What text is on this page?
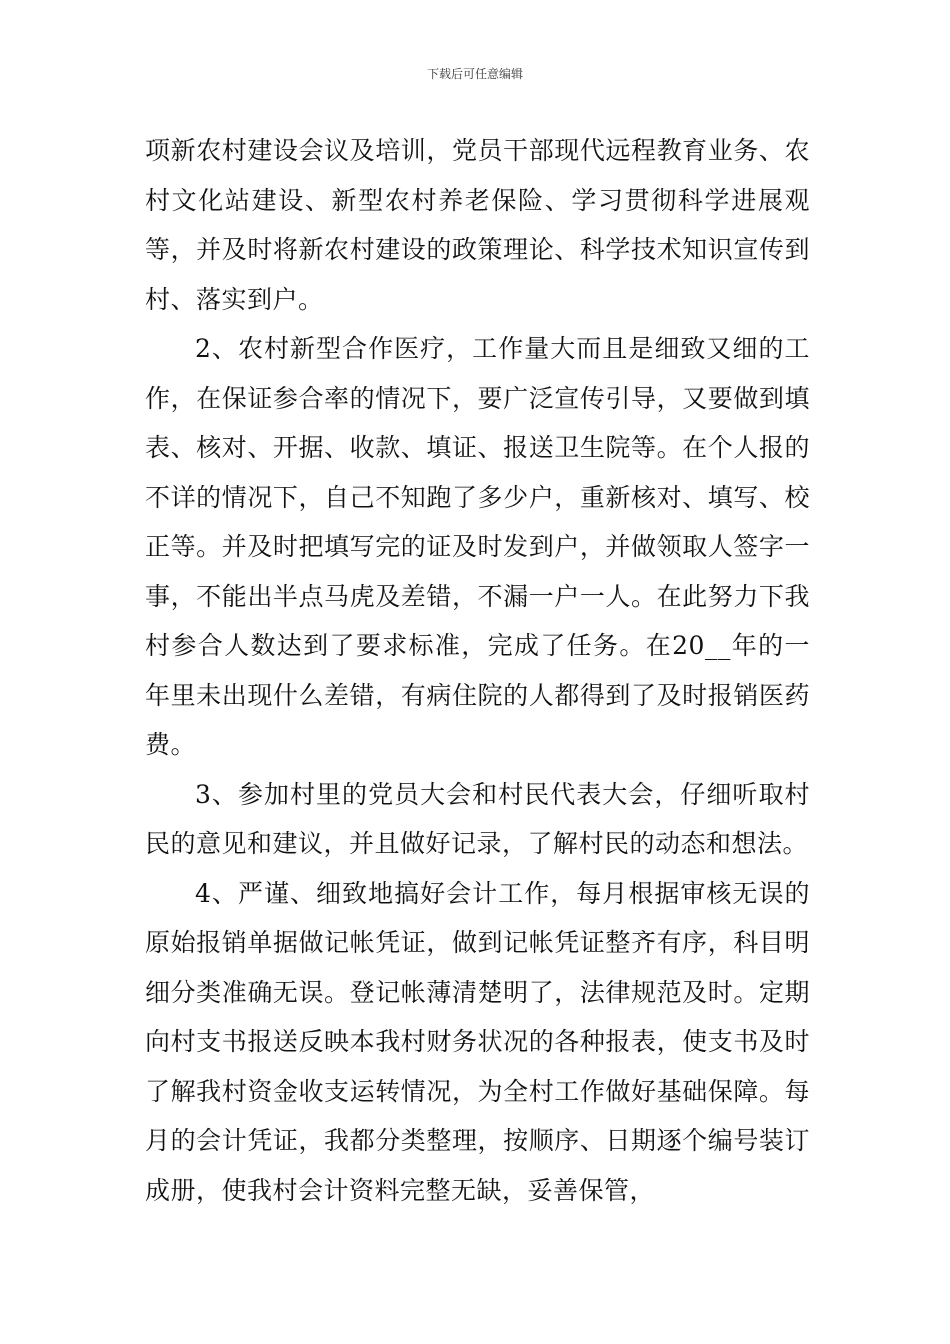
下载后可任意编辑

项新农村建设会议及培训，党员干部现代远程教育业务、农村文化站建设、新型农村养老保险、学习贯彻科学进展观等，并及时将新农村建设的政策理论、科学技术知识宣传到村、落实到户。

2、农村新型合作医疗，工作量大而且是细致又细的工作，在保证参合率的情况下，要广泛宣传引导，又要做到填表、核对、开据、收款、填证、报送卫生院等。在个人报的不详的情况下，自己不知跑了多少户，重新核对、填写、校正等。并及时把填写完的证及时发到户，并做领取人签字一事，不能出半点马虎及差错，不漏一户一人。在此努力下我村参合人数达到了要求标准，完成了任务。在20__年的一年里未出现什么差错，有病住院的人都得到了及时报销医药费。

3、参加村里的党员大会和村民代表大会，仔细听取村民的意见和建议，并且做好记录，了解村民的动态和想法。

4、严谨、细致地搞好会计工作，每月根据审核无误的原始报销单据做记帐凭证，做到记帐凭证整齐有序，科目明细分类准确无误。登记帐薄清楚明了，法律规范及时。定期向村支书报送反映本我村财务状况的各种报表，使支书及时了解我村资金收支运转情况，为全村工作做好基础保障。每月的会计凭证，我都分类整理，按顺序、日期逐个编号装订成册，使我村会计资料完整无缺，妥善保管，
